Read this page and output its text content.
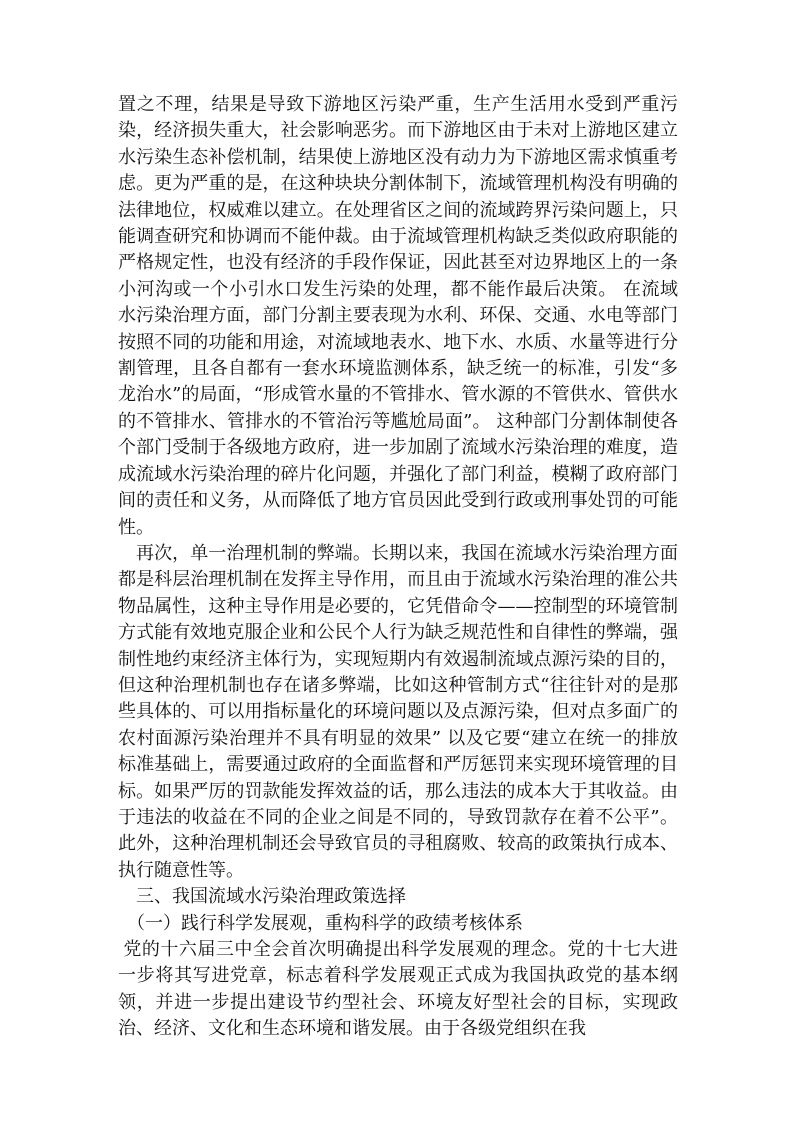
置之不理，结果是导致下游地区污染严重，生产生活用水受到严重污染，经济损失重大，社会影响恶劣。而下游地区由于未对上游地区建立水污染生态补偿机制，结果使上游地区没有动力为下游地区需求慎重考虑。更为严重的是，在这种块块分割体制下，流域管理机构没有明确的法律地位，权威难以建立。在处理省区之间的流域跨界污染问题上，只能调查研究和协调而不能仲裁。由于流域管理机构缺乏类似政府职能的严格规定性，也没有经济的手段作保证，因此甚至对边界地区上的一条小河沟或一个小引水口发生污染的处理，都不能作最后决策。 在流域水污染治理方面，部门分割主要表现为水利、环保、交通、水电等部门按照不同的功能和用途，对流域地表水、地下水、水质、水量等进行分割管理，且各自都有一套水环境监测体系，缺乏统一的标准，引发“多龙治水”的局面，“形成管水量的不管排水、管水源的不管供水、管供水的不管排水、管排水的不管治污等尴尬局面”。 这种部门分割体制使各个部门受制于各级地方政府，进一步加剧了流域水污染治理的难度，造成流域水污染治理的碎片化问题，并强化了部门利益，模糊了政府部门间的责任和义务，从而降低了地方官员因此受到行政或刑事处罚的可能性。

再次，单一治理机制的弊端。长期以来，我国在流域水污染治理方面都是科层治理机制在发挥主导作用，而且由于流域水污染治理的准公共物品属性，这种主导作用是必要的，它凭借命令——控制型的环境管制方式能有效地克服企业和公民个人行为缺乏规范性和自律性的弊端，强制性地约束经济主体行为，实现短期内有效遏制流域点源污染的目的，但这种治理机制也存在诸多弊端，比如这种管制方式“往往针对的是那些具体的、可以用指标量化的环境问题以及点源污染，但对点多面广的农村面源污染治理并不具有明显的效果” 以及它要“建立在统一的排放标准基础上，需要通过政府的全面监督和严厉惩罚来实现环境管理的目标。如果严厉的罚款能发挥效益的话，那么违法的成本大于其收益。由于违法的收益在不同的企业之间是不同的，导致罚款存在着不公平”。 此外，这种治理机制还会导致官员的寻租腐败、较高的政策执行成本、执行随意性等。

三、我国流域水污染治理政策选择

（一）践行科学发展观，重构科学的政绩考核体系

党的十六届三中全会首次明确提出科学发展观的理念。党的十七大进一步将其写进党章，标志着科学发展观正式成为我国执政党的基本纲领，并进一步提出建设节约型社会、环境友好型社会的目标，实现政治、经济、文化和生态环境和谐发展。由于各级党组织在我
